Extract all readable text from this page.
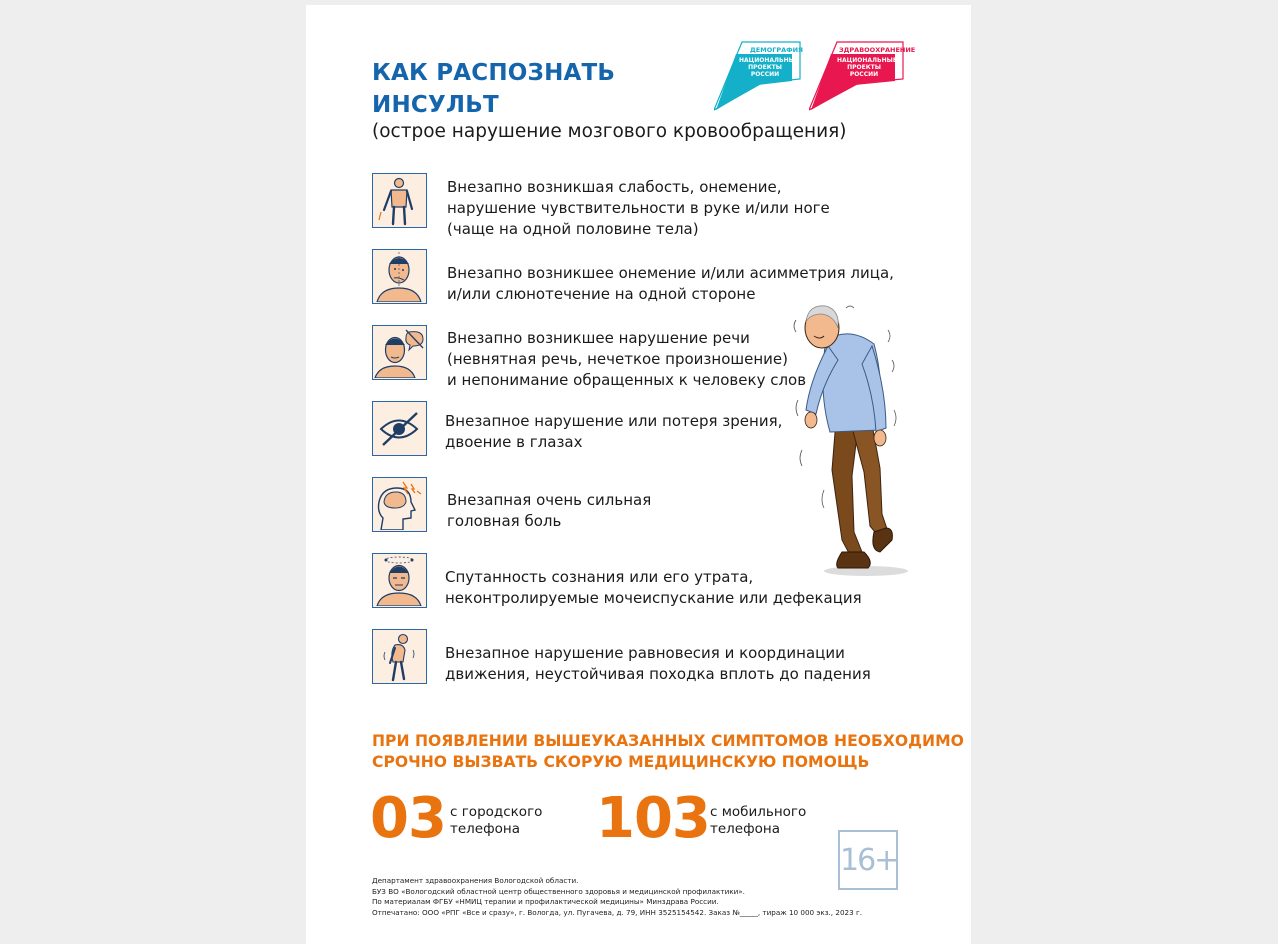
КАК РАСПОЗНАТЬ
ИНСУЛЬТ

(острое нарушение мозгового кровообращения)

ДЕМОГРАФИЯ
НАЦИОНАЛЬНЫЕ
ПРОЕКТЫ
РОССИИ
ЗДРАВООХРАНЕНИЕ
НАЦИОНАЛЬНЫЕ
ПРОЕКТЫ
РОССИИ
Внезапно возникшая слабость, онемение,
нарушение чувствительности в руке и/или ноге
(чаще на одной половине тела)
Внезапно возникшее онемение и/или асимметрия лица,
и/или слюнотечение на одной стороне
Внезапно возникшее нарушение речи
(невнятная речь, нечеткое произношение)
и непонимание обращенных к человеку слов
Внезапное нарушение или потеря зрения,
двоение в глазах
Внезапная очень сильная
головная боль
Спутанность сознания или его утрата,
неконтролируемые мочеиспускание или дефекация
Внезапное нарушение равновесия и координации
движения, неустойчивая походка вплоть до падения

ПРИ ПОЯВЛЕНИИ ВЫШЕУКАЗАННЫХ СИМПТОМОВ НЕОБХОДИМО
СРОЧНО ВЫЗВАТЬ СКОРУЮ МЕДИЦИНСКУЮ ПОМОЩЬ

03 с городского
телефона	103 с мобильного
телефона
16+
Департамент здравоохранения Вологодской области.
БУЗ ВО «Вологодский областной центр общественного здоровья и медицинской профилактики».
По материалам ФГБУ «НМИЦ терапии и профилактической медицины» Минздрава России.
Отпечатано: ООО «РПГ «Все и сразу», г. Вологда, ул. Пугачева, д. 79, ИНН 3525154542. Заказ №_____, тираж 10 000 экз., 2023 г.
